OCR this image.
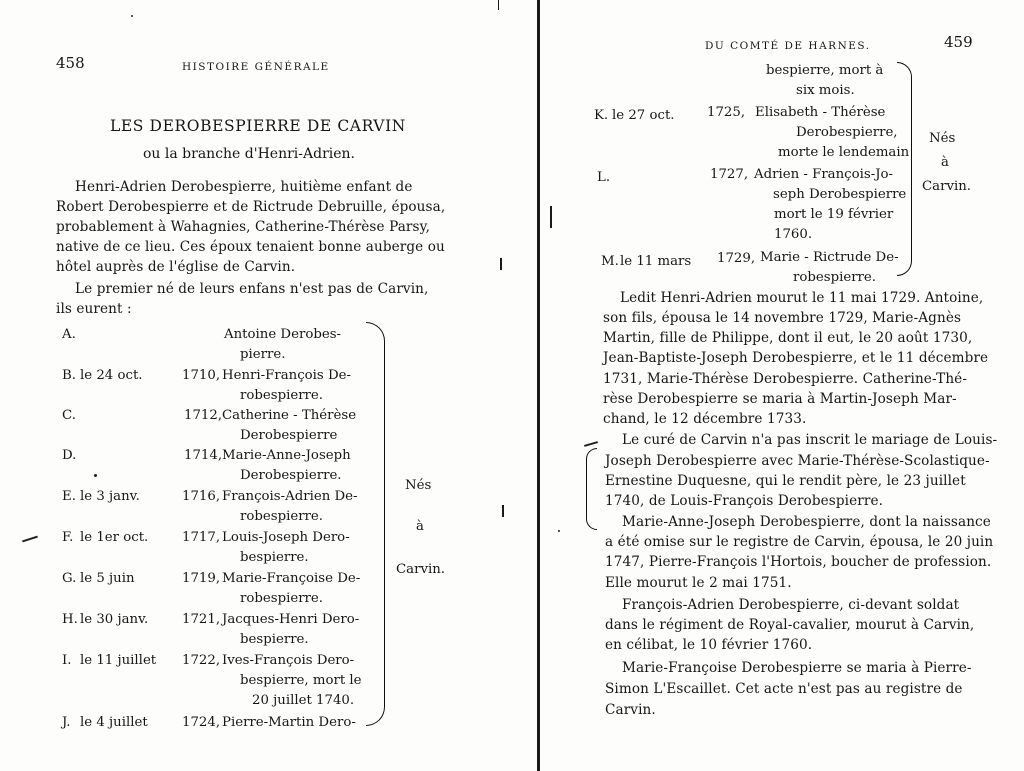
458	HISTOIRE GÉNÉRALE
LES DEROBESPIERRE DE CARVIN
ou la branche d'Henri-Adrien.
Henri-Adrien Derobespierre, huitième enfant de
Robert Derobespierre et de Rictrude Debruille, épousa,
probablement à Wahagnies, Catherine-Thérèse Parsy,
native de ce lieu. Ces époux tenaient bonne auberge ou
hôtel auprès de l'église de Carvin.
Le premier né de leurs enfans n'est pas de Carvin,
ils eurent :
A.	Antoine Derobes-
pierre.
B. le 24 oct.	1710, Henri-François De-
robespierre.
C.	1712, Catherine - Thérèse
Derobespierre
D.	1714, Marie-Anne-Joseph
Derobespierre.
E. le 3 janv.	1716, François-Adrien De-
robespierre.
F. le 1er oct.	1717, Louis-Joseph Dero-
bespierre.
G. le 5 juin	1719, Marie-Françoise De-
robespierre.
H. le 30 janv.	1721, Jacques-Henri Dero-
bespierre.
I. le 11 juillet 1722, Ives-François Dero-
bespierre, mort le
20 juillet 1740.
J. le 4 juillet	1724, Pierre-Martin Dero-
Nés
à
Carvin.
DU COMTÉ DE HARNES.	459
bespierre, mort à
six mois.
K. le 27 oct. 1725, Elisabeth - Thérèse
Derobespierre,
morte le lendemain
L.	1727, Adrien - François-Jo-
seph Derobespierre
mort le 19 février
1760.
M. le 11 mars 1729, Marie - Rictrude De-
robespierre.
Nés
à
Carvin.
Ledit Henri-Adrien mourut le 11 mai 1729. Antoine,
son fils, épousa le 14 novembre 1729, Marie-Agnès
Martin, fille de Philippe, dont il eut, le 20 août 1730,
Jean-Baptiste-Joseph Derobespierre, et le 11 décembre
1731, Marie-Thérèse Derobespierre. Catherine-Thé-
rèse Derobespierre se maria à Martin-Joseph Mar-
chand, le 12 décembre 1733.
Le curé de Carvin n'a pas inscrit le mariage de Louis-
Joseph Derobespierre avec Marie-Thérèse-Scolastique-
Ernestine Duquesne, qui le rendit père, le 23 juillet
1740, de Louis-François Derobespierre.
Marie-Anne-Joseph Derobespierre, dont la naissance
a été omise sur le registre de Carvin, épousa, le 20 juin
1747, Pierre-François l'Hortois, boucher de profession.
Elle mourut le 2 mai 1751.
François-Adrien Derobespierre, ci-devant soldat
dans le régiment de Royal-cavalier, mourut à Carvin,
en célibat, le 10 février 1760.
Marie-Françoise Derobespierre se maria à Pierre-
Simon L'Escaillet. Cet acte n'est pas au registre de
Carvin.
